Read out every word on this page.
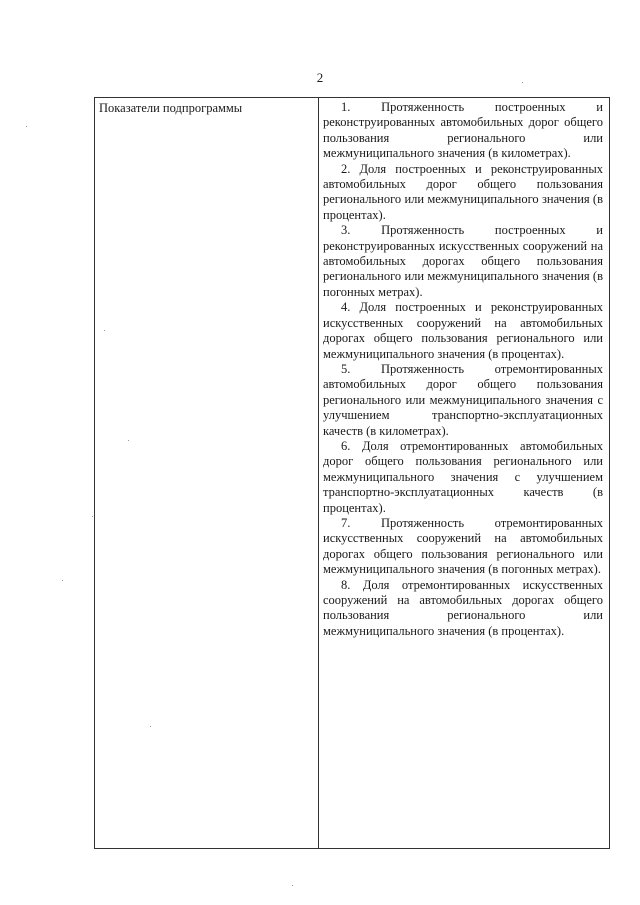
2
Показатели подпрограммы	1. Протяженность построенных и реконструированных автомобильных дорог общего пользования регионального или межмуниципального значения (в километрах).

2. Доля построенных и реконструированных автомобильных дорог общего пользования регионального или межмуниципального значения (в процентах).

3. Протяженность построенных и реконструированных искусственных сооружений на автомобильных дорогах общего пользования регионального или межмуниципального значения (в погонных метрах).

4. Доля построенных и реконструированных искусственных сооружений на автомобильных дорогах общего пользования регионального или межмуниципального значения (в процентах).

5. Протяженность отремонтированных автомобильных дорог общего пользования регионального или межмуниципального значения с улучшением транспортно-эксплуатационных качеств (в километрах).

6. Доля отремонтированных автомобильных дорог общего пользования регионального или межмуниципального значения с улучшением транспортно-эксплуатационных качеств (в процентах).

7. Протяженность отремонтированных искусственных сооружений на автомобильных дорогах общего пользования регионального или межмуниципального значения (в погонных метрах).

8. Доля отремонтированных искусственных сооружений на автомобильных дорогах общего пользования регионального или межмуниципального значения (в процентах).
